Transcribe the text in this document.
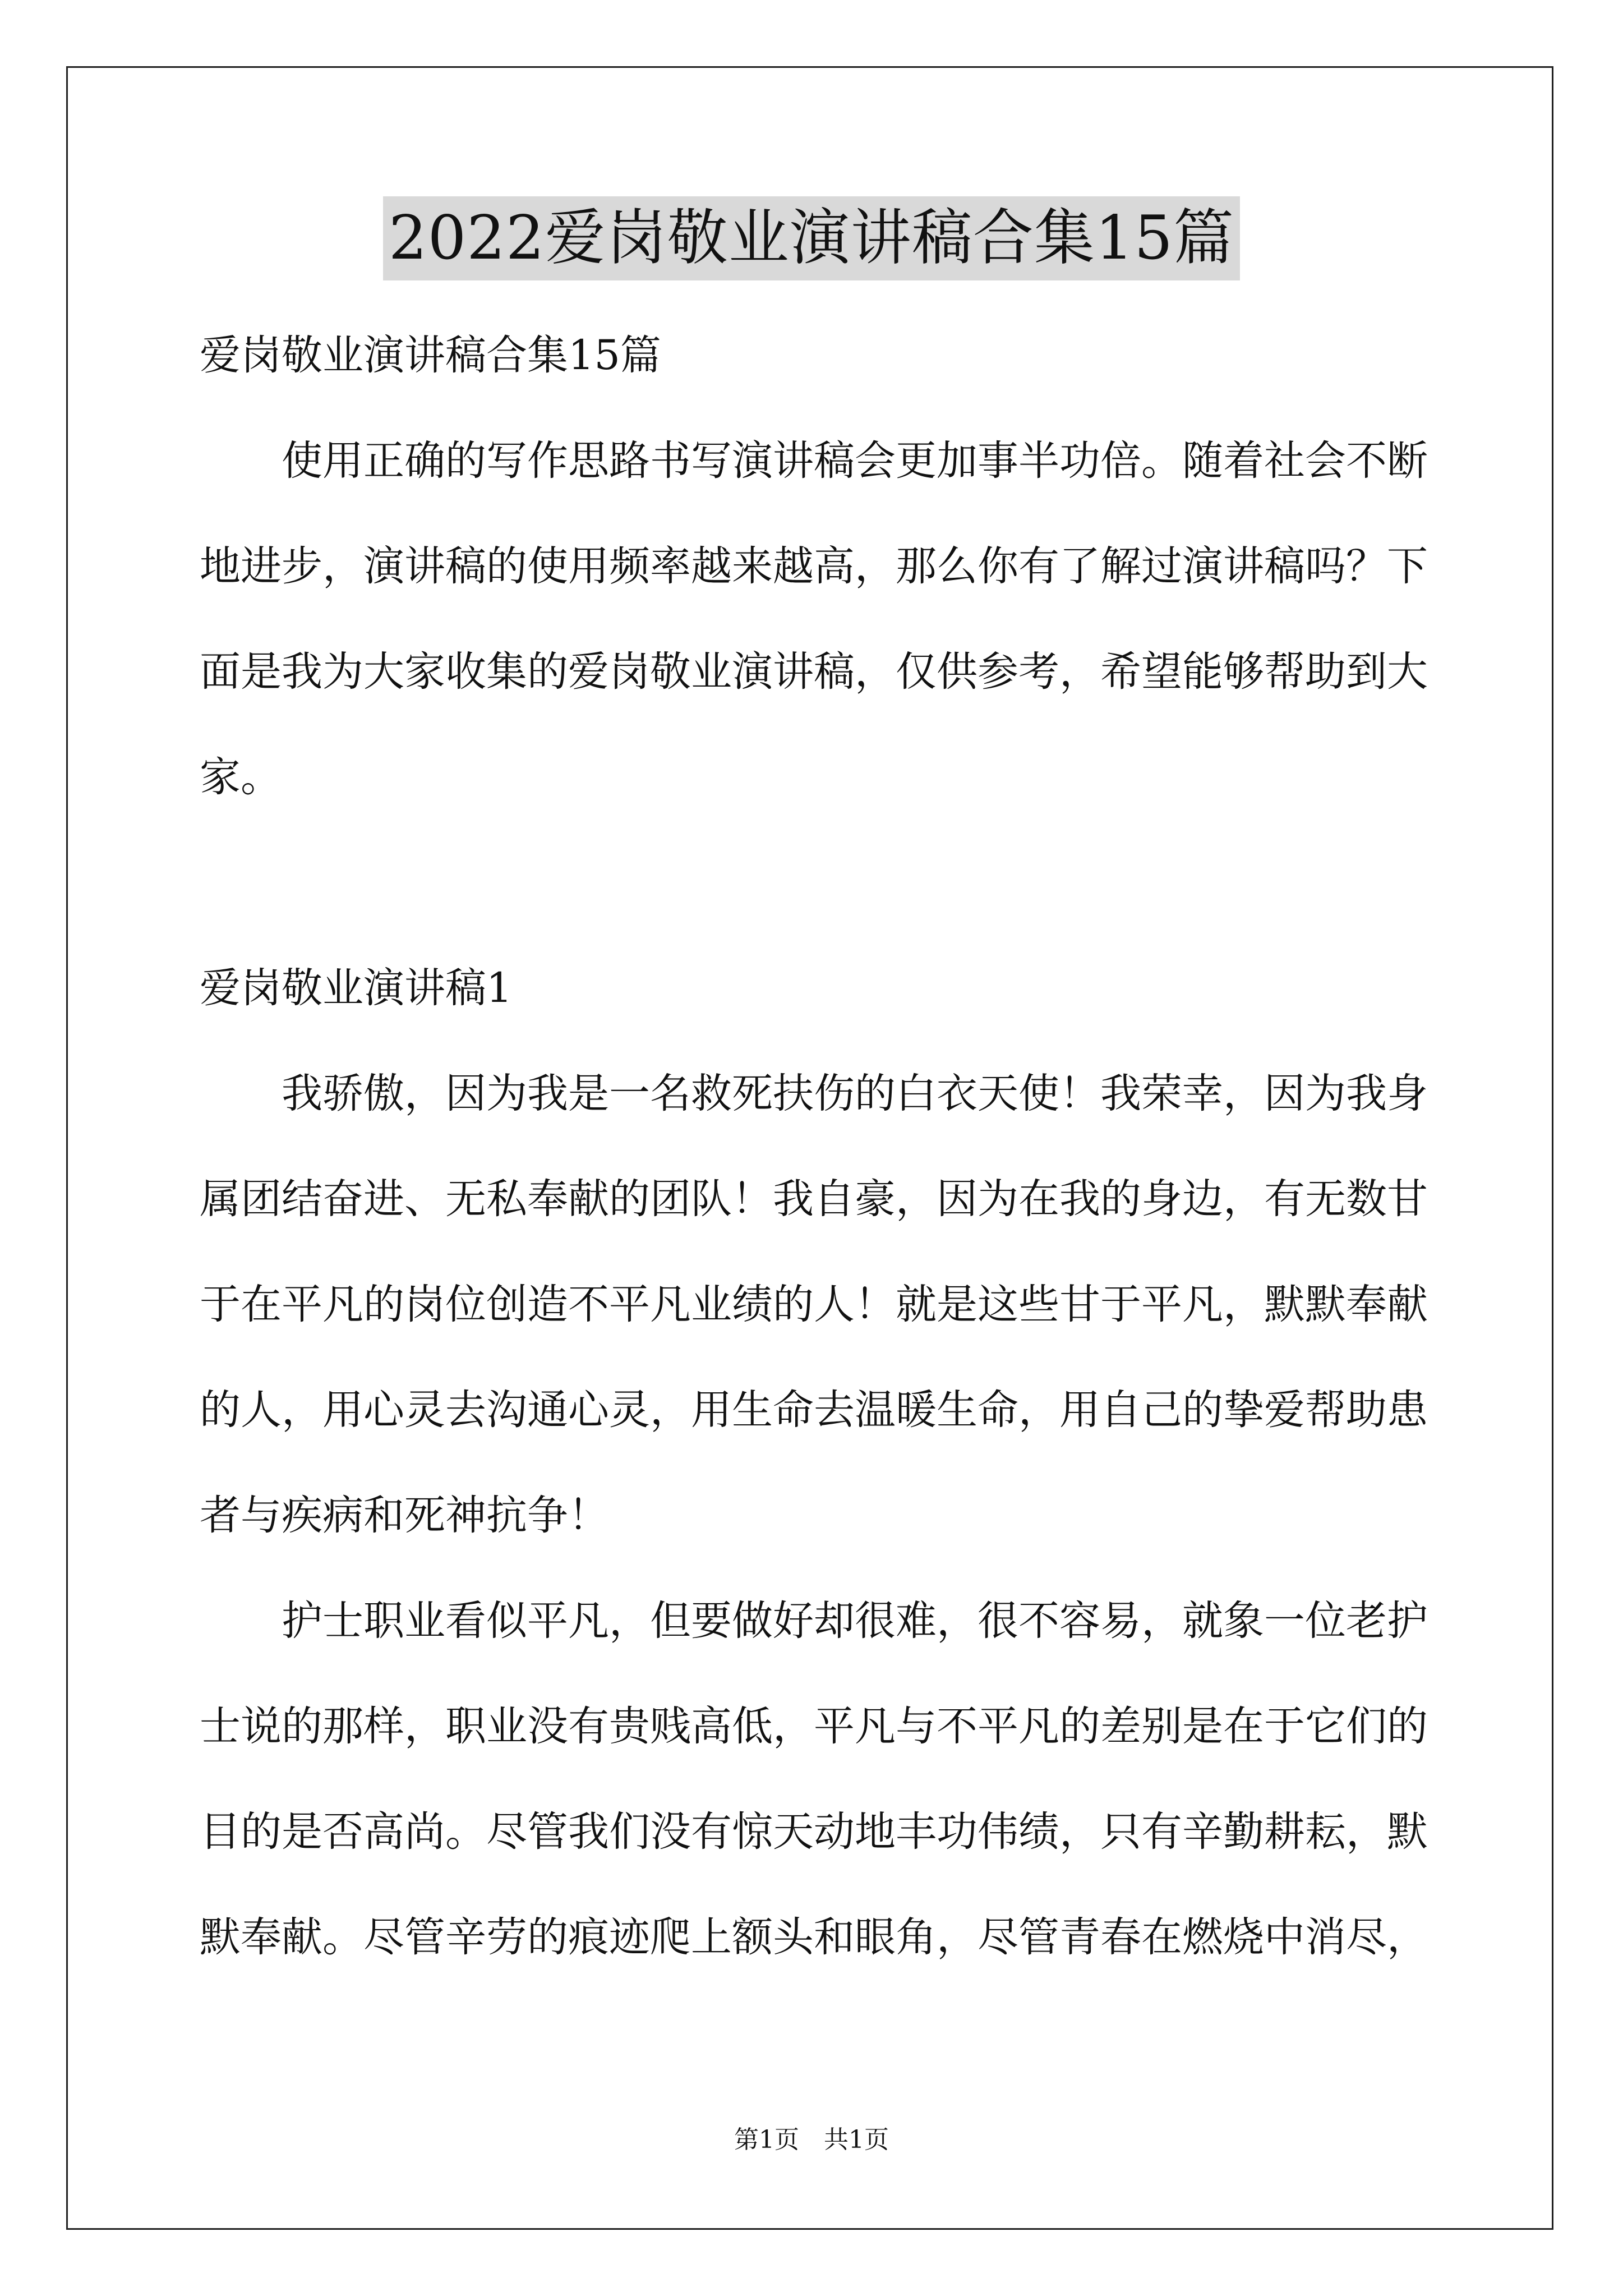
2022爱岗敬业演讲稿合集15篇
爱岗敬业演讲稿合集15篇
使用正确的写作思路书写演讲稿会更加事半功倍。随着社会不断
地进步，演讲稿的使用频率越来越高，那么你有了解过演讲稿吗？下
面是我为大家收集的爱岗敬业演讲稿，仅供参考，希望能够帮助到大
家。
爱岗敬业演讲稿1
我骄傲，因为我是一名救死扶伤的白衣天使！我荣幸，因为我身
属团结奋进、无私奉献的团队！我自豪，因为在我的身边，有无数甘
于在平凡的岗位创造不平凡业绩的人！就是这些甘于平凡，默默奉献
的人，用心灵去沟通心灵，用生命去温暖生命，用自己的挚爱帮助患
者与疾病和死神抗争！
护士职业看似平凡，但要做好却很难，很不容易，就象一位老护
士说的那样，职业没有贵贱高低，平凡与不平凡的差别是在于它们的
目的是否高尚。尽管我们没有惊天动地丰功伟绩，只有辛勤耕耘，默
默奉献。尽管辛劳的痕迹爬上额头和眼角，尽管青春在燃烧中消尽，
第1页　共1页
